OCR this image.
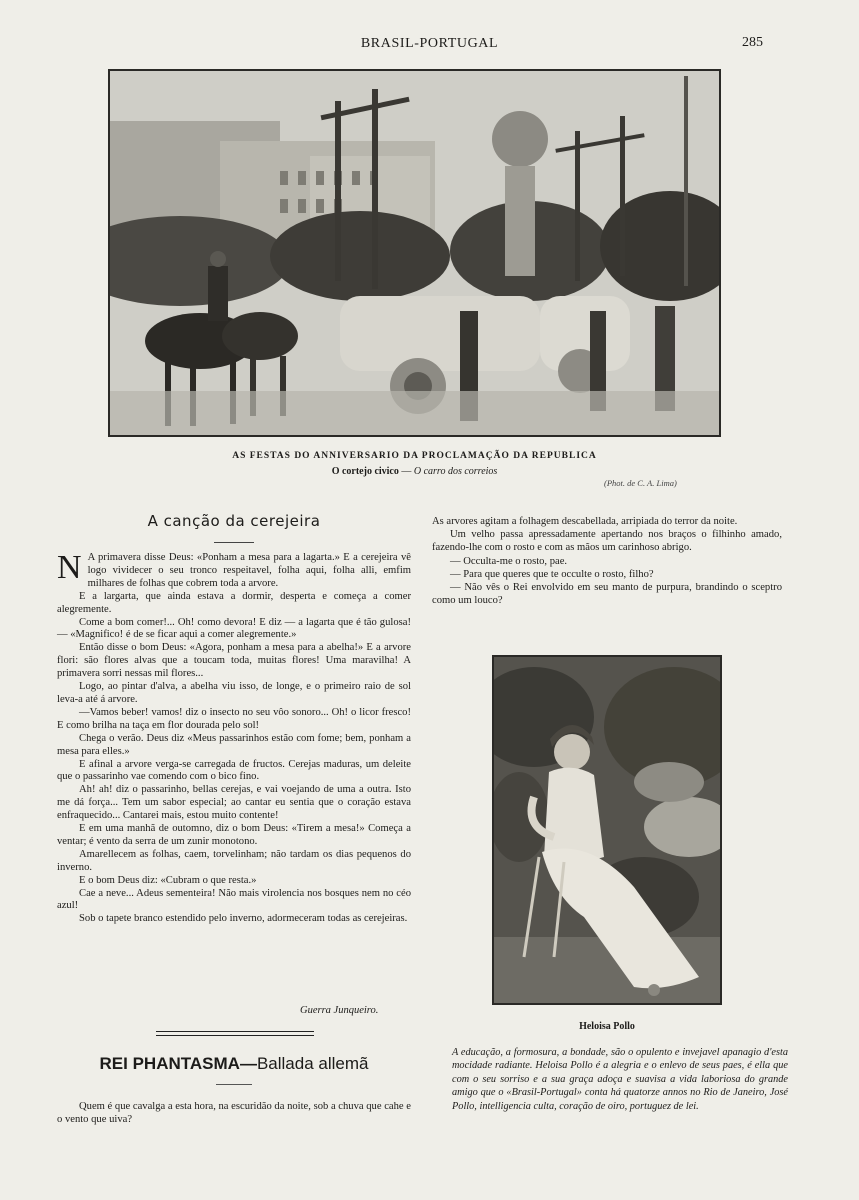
BRASIL-PORTUGAL	285
AS FESTAS DO ANNIVERSARIO DA PROCLAMAÇÃO DA REPUBLICA
O cortejo civico — O carro dos correios
(Phot. de C. A. Lima)
A canção da cerejeira

N A primavera disse Deus: «Ponham a mesa para a lagarta.» E a cerejeira vê logo vividecer o seu tronco respeitavel, folha aqui, folha alli, emfim milhares de folhas que cobrem toda a arvore.

E a largarta, que ainda estava a dormir, desperta e começa a comer alegremente.

Come a bom comer!... Oh! como devora! E diz — a lagarta que é tão gulosa! — «Magnifico! é de se ficar aqui a comer alegremente.»

Então disse o bom Deus: «Agora, ponham a mesa para a abelha!» E a arvore flori: são flores alvas que a toucam toda, muitas flores! Uma maravilha! A primavera sorri nessas mil flores...

Logo, ao pintar d'alva, a abelha viu isso, de longe, e o primeiro raio de sol leva-a até á arvore.

—Vamos beber! vamos! diz o insecto no seu vôo sonoro... Oh! o licor fresco! E como brilha na taça em flor dourada pelo sol!

Chega o verão. Deus diz «Meus passarinhos estão com fome; bem, ponham a mesa para elles.»

E afinal a arvore verga-se carregada de fructos. Cerejas maduras, um deleite que o passarinho vae comendo com o bico fino.

Ah! ah! diz o passarinho, bellas cerejas, e vai voejando de uma a outra. Isto me dá força... Tem um sabor especial; ao cantar eu sentia que o coração estava enfraquecido... Cantarei mais, estou muito contente!

E em uma manhã de outomno, diz o bom Deus: «Tirem a mesa!» Começa a ventar; é vento da serra de um zunir monotono.

Amarellecem as folhas, caem, torvelinham; não tardam os dias pequenos do inverno.

E o bom Deus diz: «Cubram o que resta.»

Cae a neve... Adeus sementeira! Não mais virolencia nos bosques nem no céo azul!

Sob o tapete branco estendido pelo inverno, adormeceram todas as cerejeiras.

Guerra Junqueiro.
REI PHANTASMA—Ballada allemã

Quem é que cavalga a esta hora, na escuridão da noite, sob a chuva que cahe e o vento que uiva?

As arvores agitam a folhagem descabellada, arripiada do terror da noite.

Um velho passa apressadamente apertando nos braços o filhinho amado, fazendo-lhe com o rosto e com as mãos um carinhoso abrigo.

— Occulta-me o rosto, pae.

— Para que queres que te occulte o rosto, filho?

— Não vês o Rei envolvido em seu manto de purpura, brandindo o sceptro como um louco?

Heloisa Pollo

A educação, a formosura, a bondade, são o opulento e invejavel apanagio d'esta mocidade radiante. Heloisa Pollo é a alegria e o enlevo de seus paes, é ella que com o seu sorriso e a sua graça adoça e suavisa a vida laboriosa do grande amigo que o «Brasil-Portugal» conta há quatorze annos no Rio de Janeiro, José Pollo, intelligencia culta, coração de oiro, portuguez de lei.
